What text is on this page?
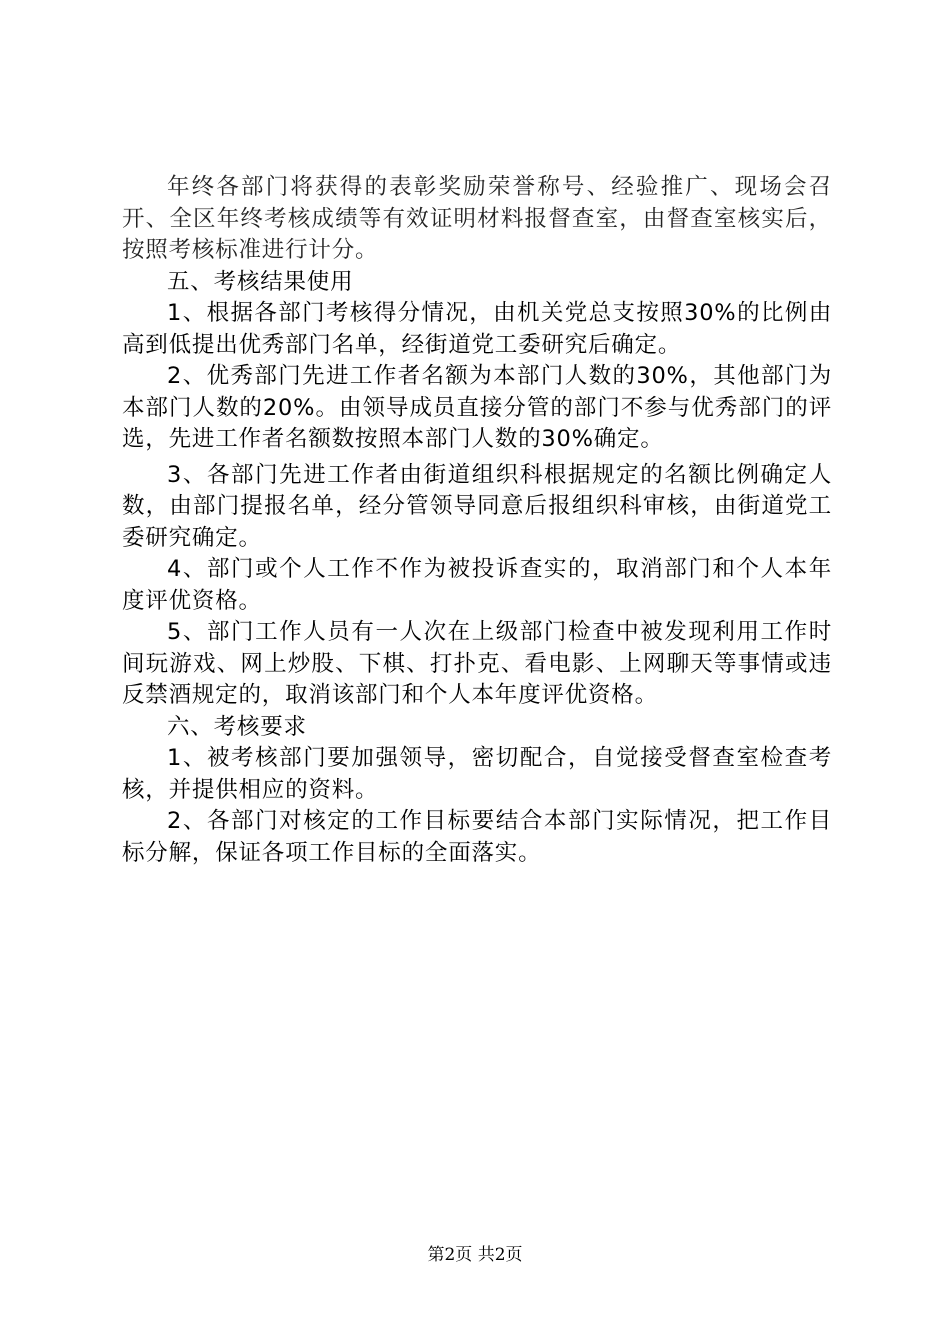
年终各部门将获得的表彰奖励荣誉称号、经验推广、现场会召开、全区年终考核成绩等有效证明材料报督查室，由督查室核实后，按照考核标准进行计分。

五、考核结果使用

1、根据各部门考核得分情况，由机关党总支按照30%的比例由高到低提出优秀部门名单，经街道党工委研究后确定。

2、优秀部门先进工作者名额为本部门人数的30%，其他部门为本部门人数的20%。由领导成员直接分管的部门不参与优秀部门的评选，先进工作者名额数按照本部门人数的30%确定。

3、各部门先进工作者由街道组织科根据规定的名额比例确定人数，由部门提报名单，经分管领导同意后报组织科审核，由街道党工委研究确定。

4、部门或个人工作不作为被投诉查实的，取消部门和个人本年度评优资格。

5、部门工作人员有一人次在上级部门检查中被发现利用工作时间玩游戏、网上炒股、下棋、打扑克、看电影、上网聊天等事情或违反禁酒规定的，取消该部门和个人本年度评优资格。

六、考核要求

1、被考核部门要加强领导，密切配合，自觉接受督查室检查考核，并提供相应的资料。

2、各部门对核定的工作目标要结合本部门实际情况，把工作目标分解，保证各项工作目标的全面落实。

第2页 共2页
